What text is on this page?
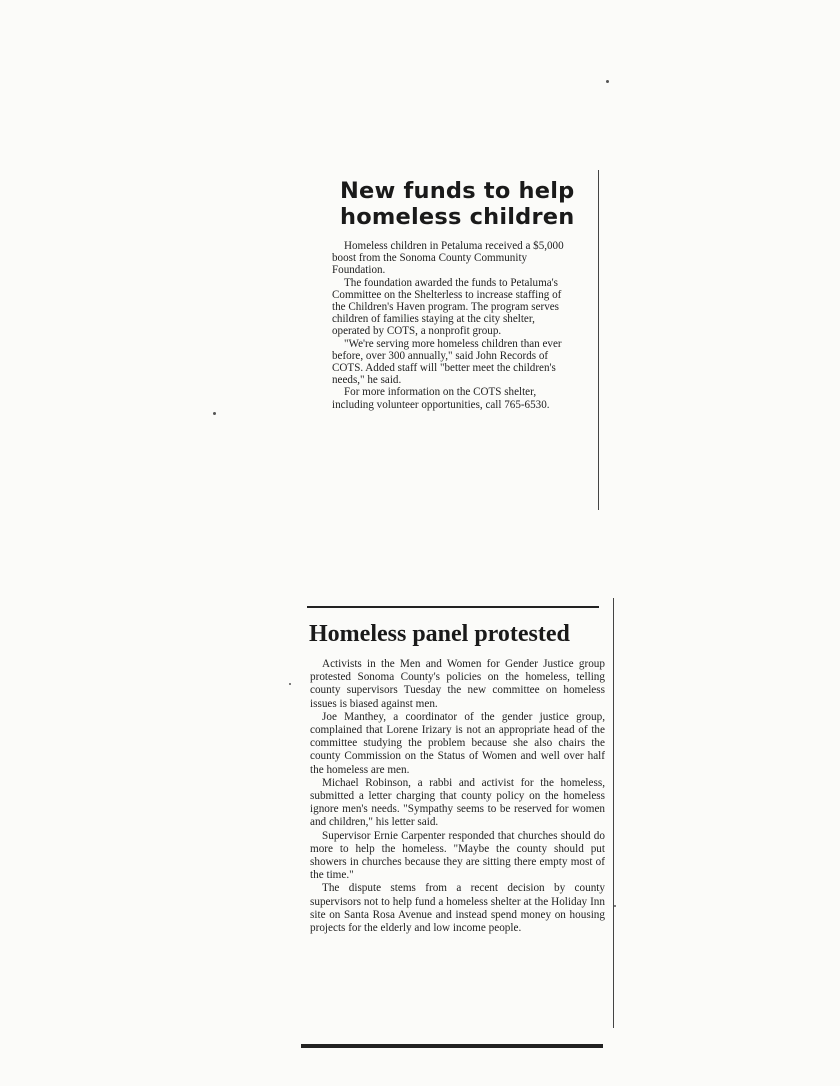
New funds to help homeless children

Homeless children in Petaluma received a $5,000 boost from the Sonoma County Community Foundation.

The foundation awarded the funds to Petaluma's Committee on the Shelterless to increase staffing of the Children's Haven program. The program serves children of families staying at the city shelter, operated by COTS, a nonprofit group.

"We're serving more homeless children than ever before, over 300 annually," said John Records of COTS. Added staff will "better meet the children's needs," he said.

For more information on the COTS shelter, including volunteer opportunities, call 765-6530.

Homeless panel protested

Activists in the Men and Women for Gender Justice group protested Sonoma County's policies on the homeless, telling county supervisors Tuesday the new committee on homeless issues is biased against men.

Joe Manthey, a coordinator of the gender justice group, complained that Lorene Irizary is not an appropriate head of the committee studying the problem because she also chairs the county Commission on the Status of Women and well over half the homeless are men.

Michael Robinson, a rabbi and activist for the homeless, submitted a letter charging that county policy on the homeless ignore men's needs. "Sympathy seems to be reserved for women and children," his letter said.

Supervisor Ernie Carpenter responded that churches should do more to help the homeless. "Maybe the county should put showers in churches because they are sitting there empty most of the time."

The dispute stems from a recent decision by county supervisors not to help fund a homeless shelter at the Holiday Inn site on Santa Rosa Avenue and instead spend money on housing projects for the elderly and low income people.
